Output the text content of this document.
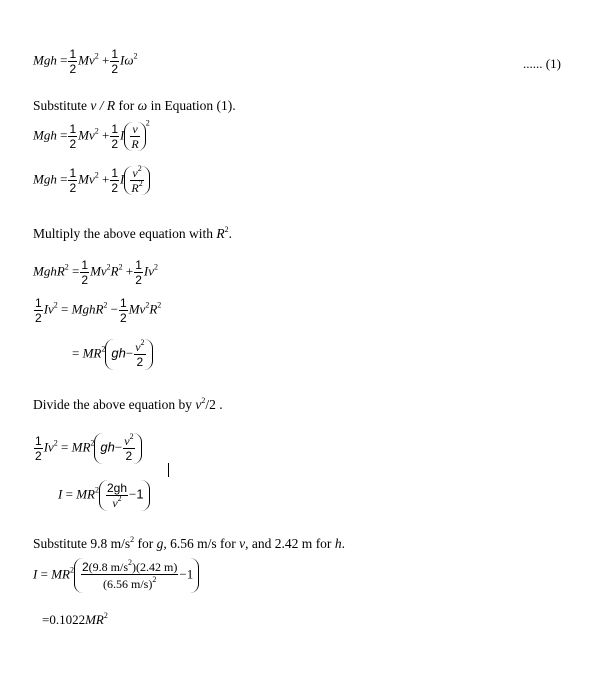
Mgh = $\frac{1}{2} Mv^2 + \frac{1}{2} I\omega^2$
...... (1)
Substitute v / R for ω in Equation (1).
Mgh = $\frac{1}{2} Mv^2 + \frac{1}{2}$ I $\frac{v}{R}$
$^2$
Mgh = $\frac{1}{2} Mv^2 + \frac{1}{2}$ I $\frac{v^2}{R^2}$
Multiply the above equation with $R^2$.
MghR$^2$ = $\frac{1}{2} Mv^2R^2 + \frac{1}{2} Iv^2$
$\frac{1}{2} Iv^2$ = MghR$^2$ − $\frac{1}{2} Mv^2R^2$
= $MR^2$ $gh- \frac{v^2}{2}$
Divide the above equation by $v^2/2$ .
$\frac{1}{2} Iv^2 = MR^2$ $gh- \frac{v^2}{2}$
$I = MR^2 \frac{2gh}{v^2} -1$
Substitute 9.8 $m/s^2$ for g, 6.56 m/s for v, and 2.42 m for h.
$I = MR^2 \frac{2(9.8 m/s^2)(2.42 m)}{(6.56 m/s)^2} -1$
$=0.1022MR^2$
